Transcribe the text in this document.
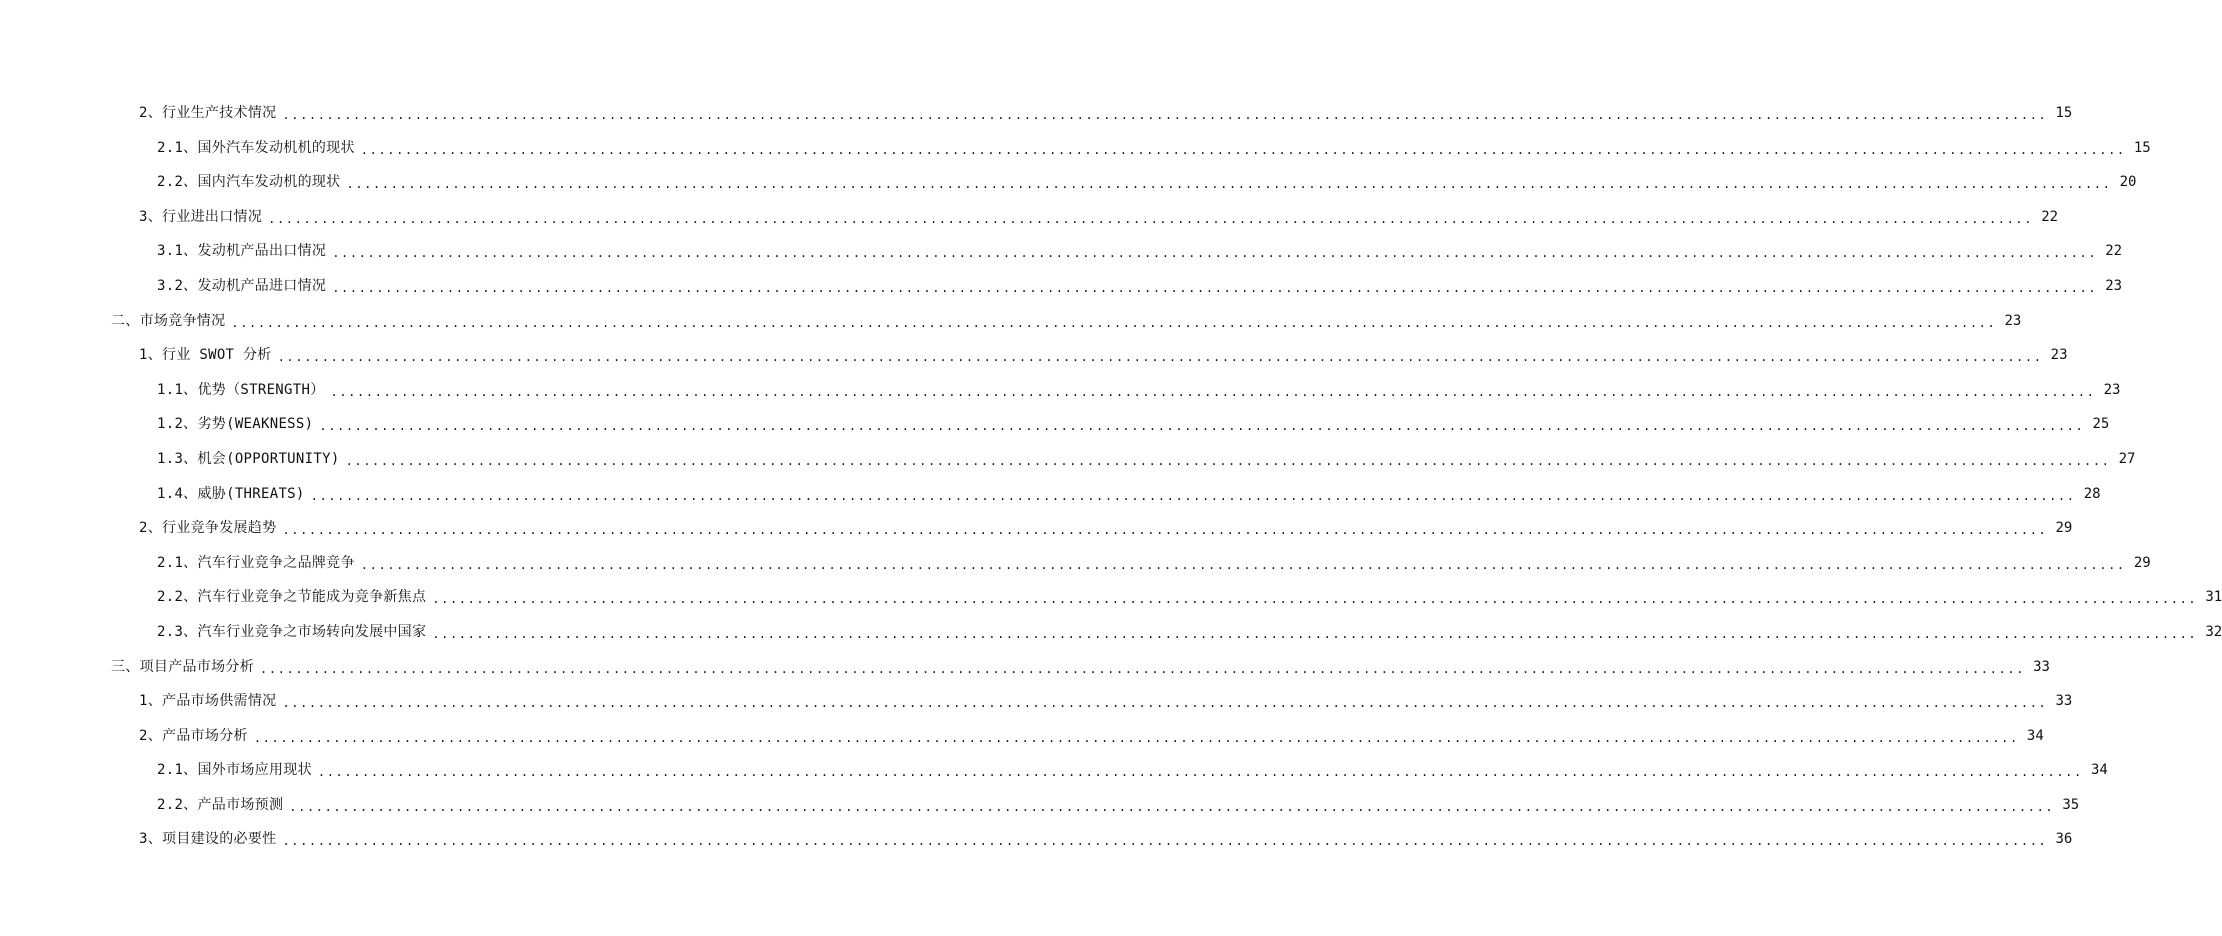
2、行业生产技术情况 ........................................................................................................................................................................................................ 15
2.1、国外汽车发动机机的现状 ........................................................................................................................................................................................................ 15
2.2、国内汽车发动机的现状 ........................................................................................................................................................................................................ 20
3、行业进出口情况 ........................................................................................................................................................................................................ 22
3.1、发动机产品出口情况 ........................................................................................................................................................................................................ 22
3.2、发动机产品进口情况 ........................................................................................................................................................................................................ 23
二、市场竞争情况 ........................................................................................................................................................................................................ 23
1、行业 SWOT 分析 ........................................................................................................................................................................................................ 23
1.1、优势（STRENGTH） ........................................................................................................................................................................................................ 23
1.2、劣势(WEAKNESS) ........................................................................................................................................................................................................ 25
1.3、机会(OPPORTUNITY) ........................................................................................................................................................................................................ 27
1.4、威胁(THREATS) ........................................................................................................................................................................................................ 28
2、行业竞争发展趋势 ........................................................................................................................................................................................................ 29
2.1、汽车行业竞争之品牌竞争 ........................................................................................................................................................................................................ 29
2.2、汽车行业竞争之节能成为竞争新焦点 ........................................................................................................................................................................................................ 31
2.3、汽车行业竞争之市场转向发展中国家 ........................................................................................................................................................................................................ 32
三、项目产品市场分析 ........................................................................................................................................................................................................ 33
1、产品市场供需情况 ........................................................................................................................................................................................................ 33
2、产品市场分析 ........................................................................................................................................................................................................ 34
2.1、国外市场应用现状 ........................................................................................................................................................................................................ 34
2.2、产品市场预测 ........................................................................................................................................................................................................ 35
3、项目建设的必要性 ........................................................................................................................................................................................................ 36
